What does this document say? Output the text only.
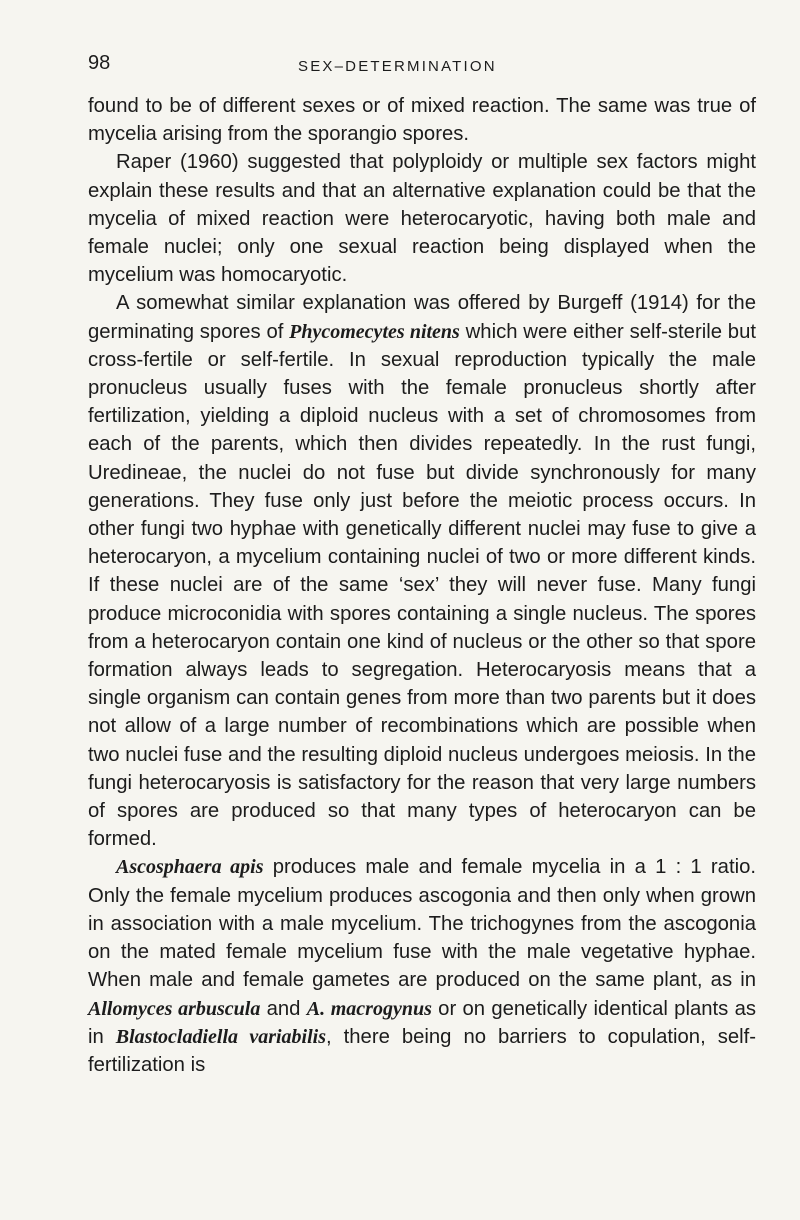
98	SEX–DETERMINATION

found to be of different sexes or of mixed reaction. The same was true of mycelia arising from the sporangio spores.

Raper (1960) suggested that polyploidy or multiple sex factors might explain these results and that an alternative explanation could be that the mycelia of mixed reaction were heterocaryotic, having both male and female nuclei; only one sexual reaction being displayed when the mycelium was homocaryotic.

A somewhat similar explanation was offered by Burgeff (1914) for the germinating spores of Phycomecytes nitens which were either self-sterile but cross-fertile or self-fertile. In sexual reproduction typically the male pronucleus usually fuses with the female pronucleus shortly after fertilization, yielding a diploid nucleus with a set of chromosomes from each of the parents, which then divides repeatedly. In the rust fungi, Uredineae, the nuclei do not fuse but divide synchronously for many generations. They fuse only just before the meiotic process occurs. In other fungi two hyphae with genetically different nuclei may fuse to give a heterocaryon, a mycelium containing nuclei of two or more different kinds. If these nuclei are of the same ‘sex’ they will never fuse. Many fungi produce microconidia with spores containing a single nucleus. The spores from a heterocaryon contain one kind of nucleus or the other so that spore formation always leads to segregation. Heterocaryosis means that a single organism can contain genes from more than two parents but it does not allow of a large number of recombinations which are possible when two nuclei fuse and the resulting diploid nucleus undergoes meiosis. In the fungi heterocaryosis is satisfactory for the reason that very large numbers of spores are produced so that many types of heterocaryon can be formed.

Ascosphaera apis produces male and female mycelia in a 1 : 1 ratio. Only the female mycelium produces ascogonia and then only when grown in association with a male mycelium. The trichogynes from the ascogonia on the mated female mycelium fuse with the male vegetative hyphae. When male and female gametes are produced on the same plant, as in Allomyces arbuscula and A. macrogynus or on genetically identical plants as in Blastocladiella variabilis, there being no barriers to copulation, self-fertilization is
